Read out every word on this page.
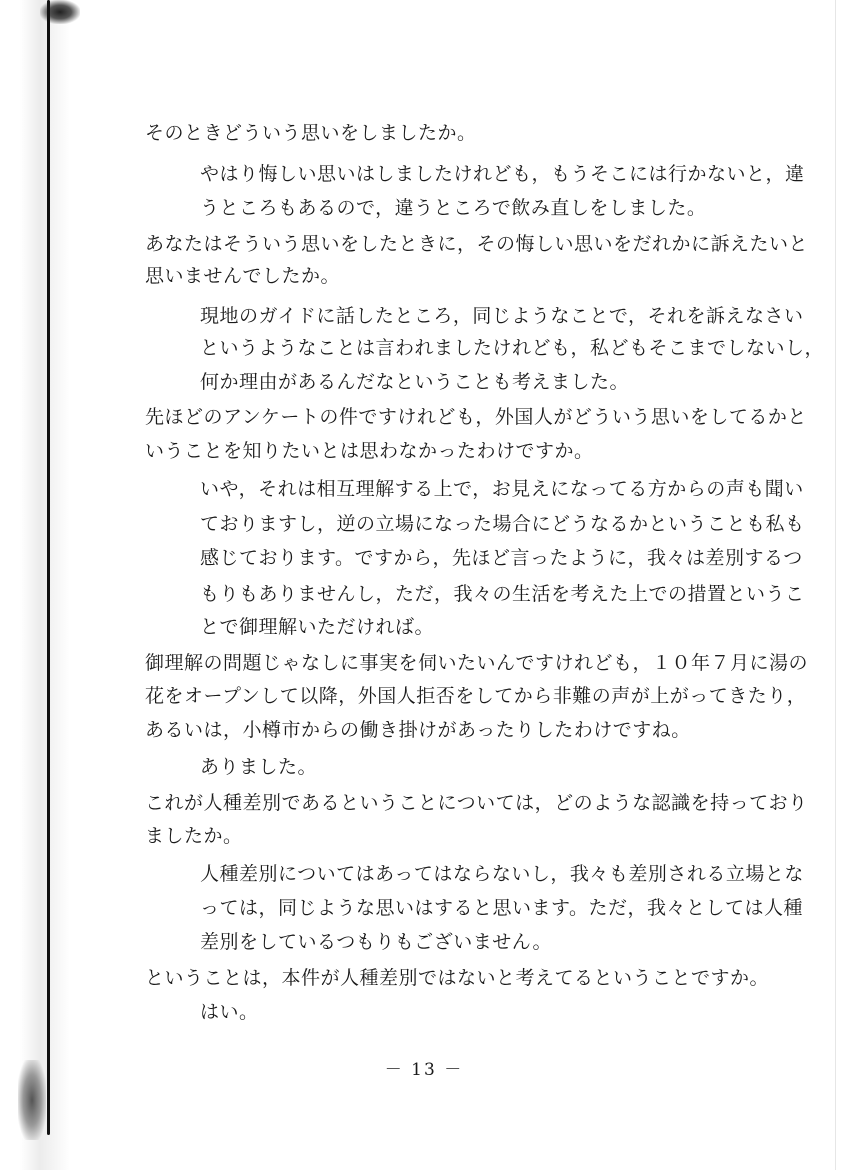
そのときどういう思いをしましたか。
やはり悔しい思いはしましたけれども，もうそこには行かないと，違
うところもあるので，違うところで飲み直しをしました。
あなたはそういう思いをしたときに，その悔しい思いをだれかに訴えたいと
思いませんでしたか。
現地のガイドに話したところ，同じようなことで，それを訴えなさい
というようなことは言われましたけれども，私どもそこまでしないし，
何か理由があるんだなということも考えました。
先ほどのアンケートの件ですけれども，外国人がどういう思いをしてるかと
いうことを知りたいとは思わなかったわけですか。
いや，それは相互理解する上で，お見えになってる方からの声も聞い
ておりますし，逆の立場になった場合にどうなるかということも私も
感じております。ですから，先ほど言ったように，我々は差別するつ
もりもありませんし，ただ，我々の生活を考えた上での措置というこ
とで御理解いただければ。
御理解の問題じゃなしに事実を伺いたいんですけれども，１０年７月に湯の
花をオープンして以降，外国人拒否をしてから非難の声が上がってきたり，
あるいは，小樽市からの働き掛けがあったりしたわけですね。
ありました。
これが人種差別であるということについては，どのような認識を持っており
ましたか。
人種差別についてはあってはならないし，我々も差別される立場とな
っては，同じような思いはすると思います。ただ，我々としては人種
差別をしているつもりもございません。
ということは，本件が人種差別ではないと考えてるということですか。
はい。
－ 13 －
